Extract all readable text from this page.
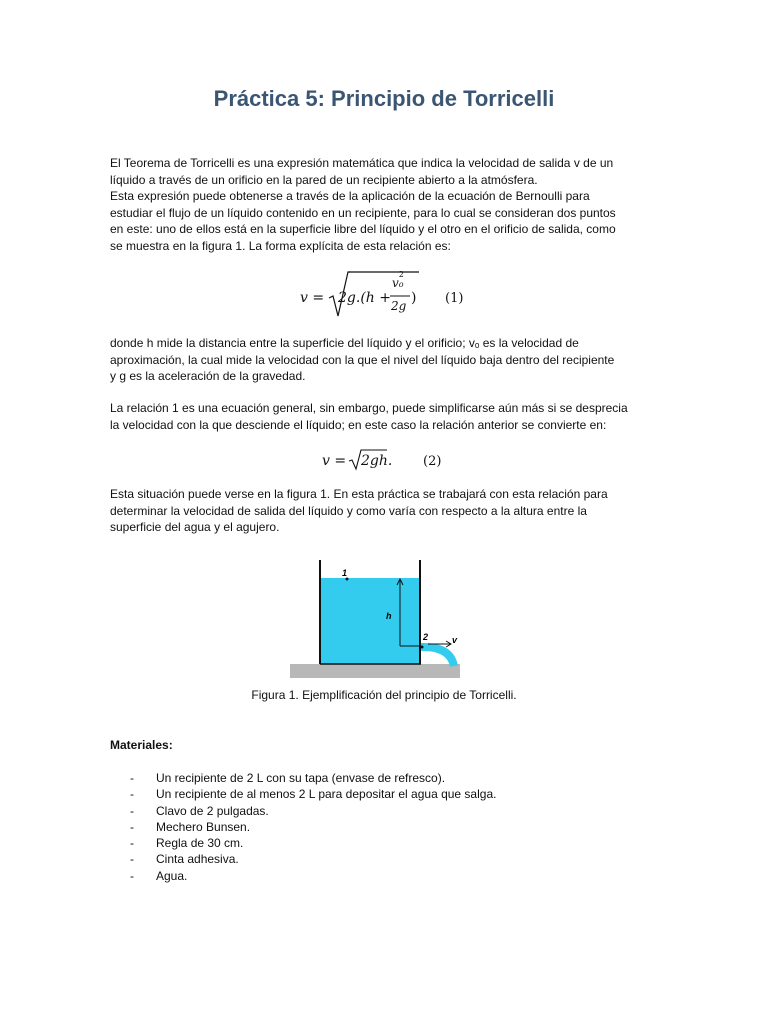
Práctica 5: Principio de Torricelli

El Teorema de Torricelli es una expresión matemática que indica la velocidad de salida v de un
líquido a través de un orificio en la pared de un recipiente abierto a la atmósfera.
Esta expresión puede obtenerse a través de la aplicación de la ecuación de Bernoulli para
estudiar el flujo de un líquido contenido en un recipiente, para lo cual se consideran dos puntos
en este: uno de ellos está en la superficie libre del líquido y el otro en el orificio de salida, como
se muestra en la figura 1. La forma explícita de esta relación es:

v = 2g.(h +
v
2
o
2g ) (1)

donde h mide la distancia entre la superficie del líquido y el orificio; vₒ es la velocidad de
aproximación, la cual mide la velocidad con la que el nivel del líquido baja dentro del recipiente
y g es la aceleración de la gravedad.

La relación 1 es una ecuación general, sin embargo, puede simplificarse aún más si se desprecia
la velocidad con la que desciende el líquido; en este caso la relación anterior se convierte en:

v = 2gh. (2)

Esta situación puede verse en la figura 1. En esta práctica se trabajará con esta relación para
determinar la velocidad de salida del líquido y como varía con respecto a la altura entre la
superficie del agua y el agujero.

1
h
2	v
Figura 1. Ejemplificación del principio de Torricelli.
Materiales:
- Un recipiente de 2 L con su tapa (envase de refresco).
- Un recipiente de al menos 2 L para depositar el agua que salga.
- Clavo de 2 pulgadas.
- Mechero Bunsen.
- Regla de 30 cm.
- Cinta adhesiva.
- Agua.
